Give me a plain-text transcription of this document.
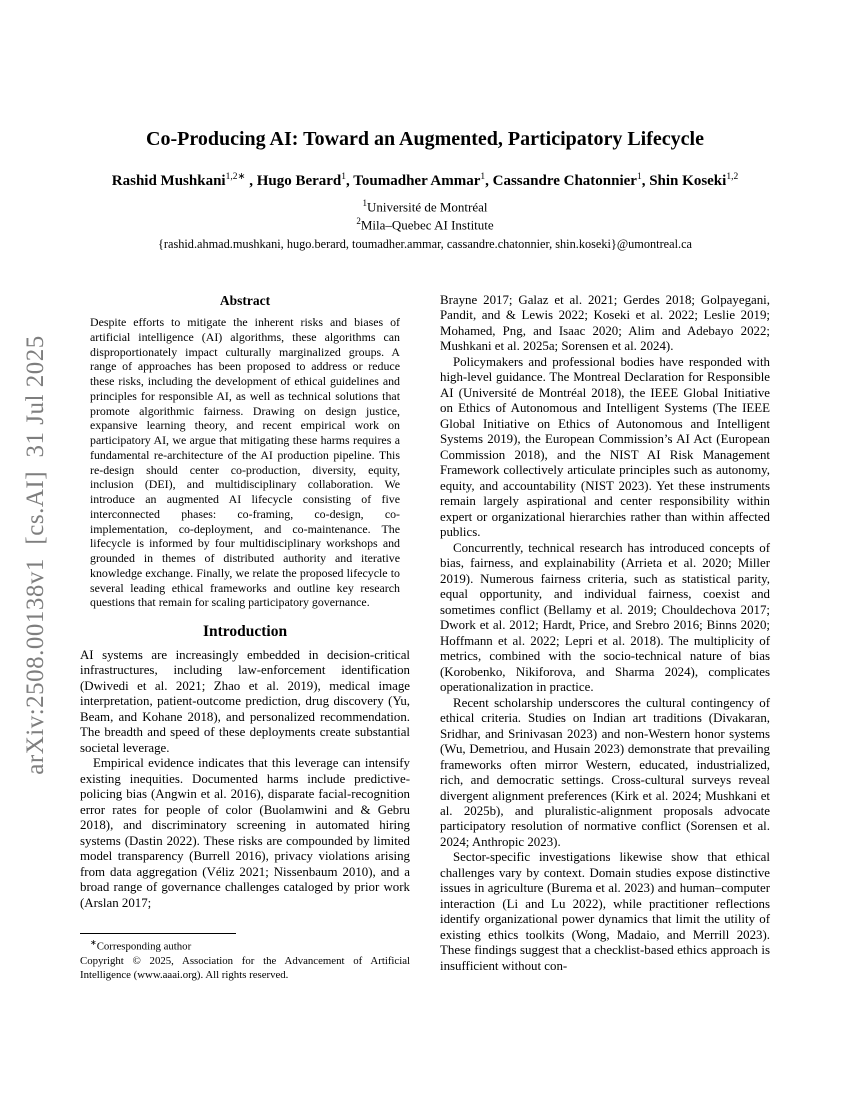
arXiv:2508.00138v1  [cs.AI]  31 Jul 2025
Co-Producing AI: Toward an Augmented, Participatory Lifecycle
Rashid Mushkani$^{1,2∗}$ , Hugo Berard$^1$, Toumadher Ammar$^1$, Cassandre Chatonnier$^1$, Shin Koseki$^{1,2}$
$^1$Université de Montréal
$^2$Mila–Quebec AI Institute
{rashid.ahmad.mushkani, hugo.berard, toumadher.ammar, cassandre.chatonnier, shin.koseki}@umontreal.ca
Abstract
Despite efforts to mitigate the inherent risks and biases of artificial intelligence (AI) algorithms, these algorithms can disproportionately impact culturally marginalized groups. A range of approaches has been proposed to address or reduce these risks, including the development of ethical guidelines and principles for responsible AI, as well as technical solutions that promote algorithmic fairness. Drawing on design justice, expansive learning theory, and recent empirical work on participatory AI, we argue that mitigating these harms requires a fundamental re-architecture of the AI production pipeline. This re-design should center co-production, diversity, equity, inclusion (DEI), and multidisciplinary collaboration. We introduce an augmented AI lifecycle consisting of five interconnected phases: co-framing, co-design, co-implementation, co-deployment, and co-maintenance. The lifecycle is informed by four multidisciplinary workshops and grounded in themes of distributed authority and iterative knowledge exchange. Finally, we relate the proposed lifecycle to several leading ethical frameworks and outline key research questions that remain for scaling participatory governance.
Introduction

AI systems are increasingly embedded in decision-critical infrastructures, including law-enforcement identification (Dwivedi et al. 2021; Zhao et al. 2019), medical image interpretation, patient-outcome prediction, drug discovery (Yu, Beam, and Kohane 2018), and personalized recommendation. The breadth and speed of these deployments create substantial societal leverage.

Empirical evidence indicates that this leverage can intensify existing inequities. Documented harms include predictive-policing bias (Angwin et al. 2016), disparate facial-recognition error rates for people of color (Buolamwini and & Gebru 2018), and discriminatory screening in automated hiring systems (Dastin 2022). These risks are compounded by limited model transparency (Burrell 2016), privacy violations arising from data aggregation (Véliz 2021; Nissenbaum 2010), and a broad range of governance challenges cataloged by prior work (Arslan 2017;

Brayne 2017; Galaz et al. 2021; Gerdes 2018; Golpayegani, Pandit, and & Lewis 2022; Koseki et al. 2022; Leslie 2019; Mohamed, Png, and Isaac 2020; Alim and Adebayo 2022; Mushkani et al. 2025a; Sorensen et al. 2024).

Policymakers and professional bodies have responded with high-level guidance. The Montreal Declaration for Responsible AI (Université de Montréal 2018), the IEEE Global Initiative on Ethics of Autonomous and Intelligent Systems (The IEEE Global Initiative on Ethics of Autonomous and Intelligent Systems 2019), the European Commission’s AI Act (European Commission 2018), and the NIST AI Risk Management Framework collectively articulate principles such as autonomy, equity, and accountability (NIST 2023). Yet these instruments remain largely aspirational and center responsibility within expert or organizational hierarchies rather than within affected publics.

Concurrently, technical research has introduced concepts of bias, fairness, and explainability (Arrieta et al. 2020; Miller 2019). Numerous fairness criteria, such as statistical parity, equal opportunity, and individual fairness, coexist and sometimes conflict (Bellamy et al. 2019; Chouldechova 2017; Dwork et al. 2012; Hardt, Price, and Srebro 2016; Binns 2020; Hoffmann et al. 2022; Lepri et al. 2018). The multiplicity of metrics, combined with the socio-technical nature of bias (Korobenko, Nikiforova, and Sharma 2024), complicates operationalization in practice.

Recent scholarship underscores the cultural contingency of ethical criteria. Studies on Indian art traditions (Divakaran, Sridhar, and Srinivasan 2023) and non-Western honor systems (Wu, Demetriou, and Husain 2023) demonstrate that prevailing frameworks often mirror Western, educated, industrialized, rich, and democratic settings. Cross-cultural surveys reveal divergent alignment preferences (Kirk et al. 2024; Mushkani et al. 2025b), and pluralistic-alignment proposals advocate participatory resolution of normative conflict (Sorensen et al. 2024; Anthropic 2023).

Sector-specific investigations likewise show that ethical challenges vary by context. Domain studies expose distinctive issues in agriculture (Burema et al. 2023) and human–computer interaction (Li and Lu 2022), while practitioner reflections identify organizational power dynamics that limit the utility of existing ethics toolkits (Wong, Madaio, and Merrill 2023). These findings suggest that a checklist-based ethics approach is insufficient without con-

∗Corresponding author
Copyright © 2025, Association for the Advancement of Artificial Intelligence (www.aaai.org). All rights reserved.
